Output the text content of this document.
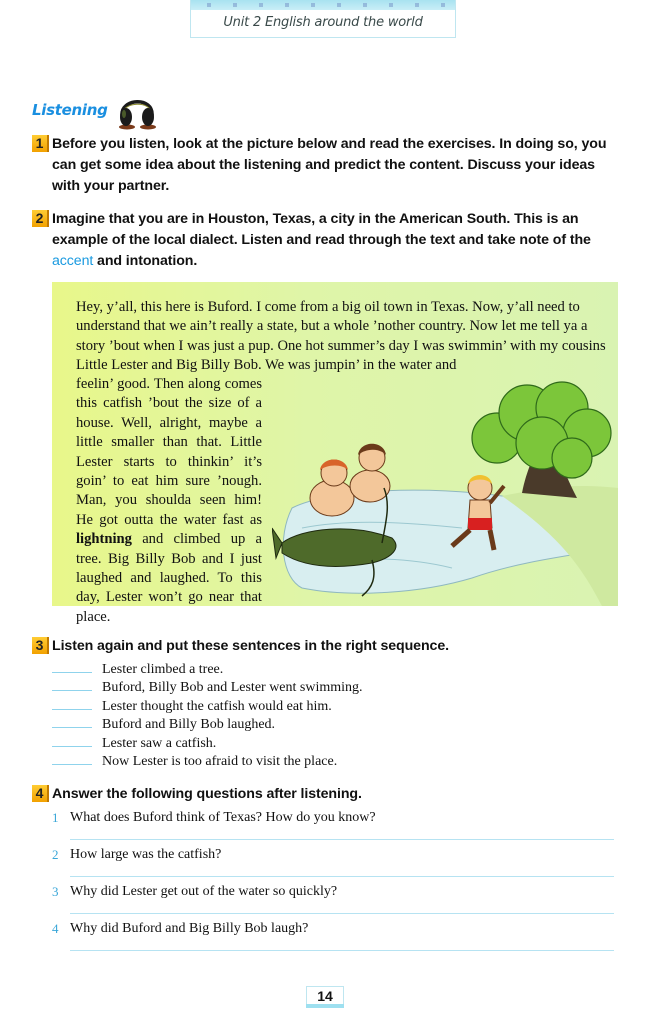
Unit 2 English around the world
Listening
1 Before you listen, look at the picture below and read the exercises. In doing so, you can get some idea about the listening and predict the content. Discuss your ideas with your partner.
2 Imagine that you are in Houston, Texas, a city in the American South. This is an example of the local dialect. Listen and read through the text and take note of the accent and intonation.
Hey, y’all, this here is Buford. I come from a big oil town in Texas. Now, y’all need to understand that we ain’t really a state, but a whole ’nother country. Now let me tell ya a story ’bout when I was just a pup. One hot summer’s day I was swimmin’ with my cousins Little Lester and Big Billy Bob. We was jumpin’ in the water and
feelin’ good. Then along comes this catfish ’bout the size of a house. Well, alright, maybe a little smaller than that. Little Lester starts to thinkin’ it’s goin’ to eat him sure ’nough. Man, you shoulda seen him! He got outta the water fast as lightning and climbed up a tree. Big Billy Bob and I just laughed and laughed. To this day, Lester won’t go near that place.
3 Listen again and put these sentences in the right sequence.
Lester climbed a tree.
Buford, Billy Bob and Lester went swimming.
Lester thought the catfish would eat him.
Buford and Billy Bob laughed.
Lester saw a catfish.
Now Lester is too afraid to visit the place.
4 Answer the following questions after listening.
1 What does Buford think of Texas? How do you know?
2 How large was the catfish?
3 Why did Lester get out of the water so quickly?
4 Why did Buford and Big Billy Bob laugh?
14
